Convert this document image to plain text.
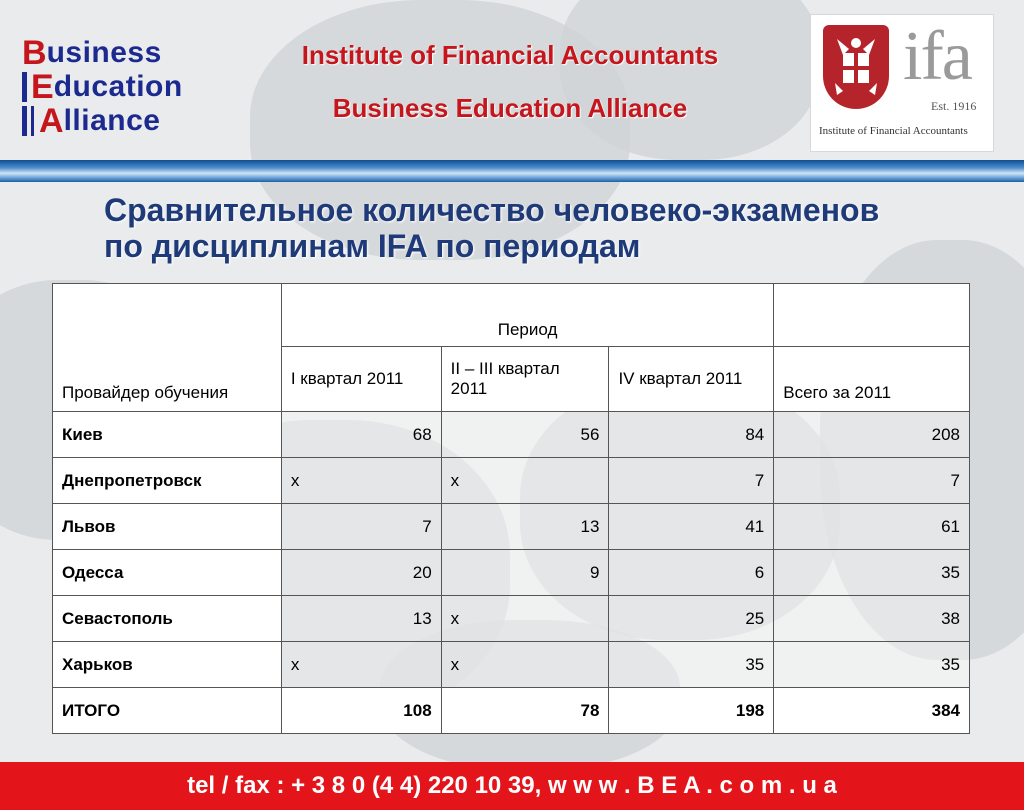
B usiness
E ducation
A lliance
Institute of Financial Accountants
Business Education Alliance
ifa
Est. 1916
Institute of Financial Accountants
Сравнительное количество человеко-экзаменов по дисциплинам IFA по периодам
Провайдер обучения	Период			
	I квартал 2011	II – III квартал 2011	IV квартал 2011	Всего за 2011
Киев	68	56	84	208
Днепропетровск	x	x	7	7
Львов	7	13	41	61
Одесса	20	9	6	35
Севастополь	13	x	25	38
Харьков	x	x	35	35
ИТОГО	108	78	198	384
tel / fax : + 3 8 0 (4 4) 220 10 39, w w w . B E A . c o m . u a
